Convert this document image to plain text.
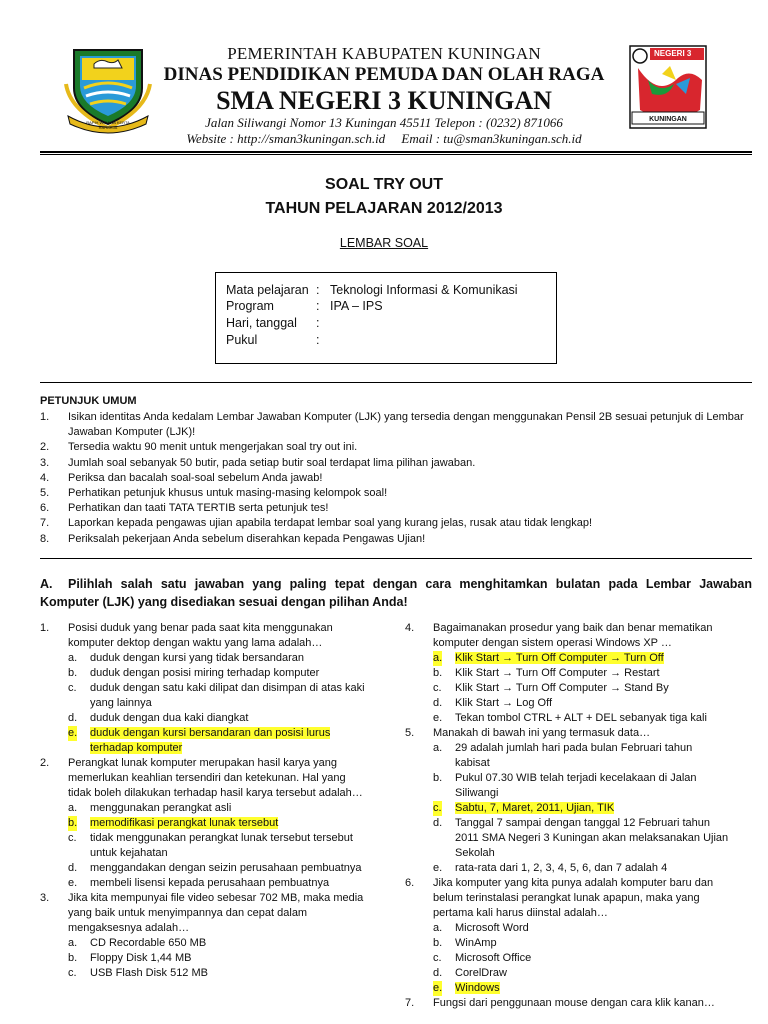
RAPIH WIBAWA KERTA RAHARJA
NEGERI 3
KUNINGAN
PEMERINTAH KABUPATEN KUNINGAN
DINAS PENDIDIKAN PEMUDA DAN OLAH RAGA
SMA NEGERI 3 KUNINGAN
Jalan Siliwangi Nomor 13 Kuningan 45511 Telepon : (0232) 871066
Website : http://sman3kuningan.sch.id     Email : tu@sman3kuningan.sch.id
SOAL TRY OUT
TAHUN PELAJARAN 2012/2013
LEMBAR SOAL
Mata pelajaran : Teknologi Informasi & Komunikasi
Program	: IPA – IPS
Hari, tanggal :
Pukul	:
PETUNJUK UMUM
1. Isikan identitas Anda kedalam Lembar Jawaban Komputer (LJK) yang tersedia dengan menggunakan Pensil 2B sesuai petunjuk di Lembar Jawaban Komputer (LJK)!
2. Tersedia waktu 90 menit untuk mengerjakan soal try out ini.
3. Jumlah soal sebanyak 50 butir, pada setiap butir soal terdapat lima pilihan jawaban.
4. Periksa dan bacalah soal-soal sebelum Anda jawab!
5. Perhatikan petunjuk khusus untuk masing-masing kelompok soal!
6. Perhatikan dan taati TATA TERTIB serta petunjuk tes!
7. Laporkan kepada pengawas ujian apabila terdapat lembar soal yang kurang jelas, rusak atau tidak lengkap!
8. Periksalah pekerjaan Anda sebelum diserahkan kepada Pengawas Ujian!
A. Pilihlah salah satu jawaban yang paling tepat dengan cara menghitamkan bulatan pada Lembar Jawaban Komputer (LJK) yang disediakan sesuai dengan pilihan Anda!
1. Posisi duduk yang benar pada saat kita menggunakan komputer dektop dengan waktu yang lama adalah…
a. duduk dengan kursi yang tidak bersandaran
b. duduk dengan posisi miring terhadap komputer
c. duduk dengan satu kaki dilipat dan disimpan di atas kaki yang lainnya
d. duduk dengan dua kaki diangkat
e. duduk dengan kursi bersandaran dan posisi lurus terhadap komputer
2. Perangkat lunak komputer merupakan hasil karya yang memerlukan keahlian tersendiri dan ketekunan. Hal yang tidak boleh dilakukan terhadap hasil karya tersebut adalah…
a. menggunakan perangkat asli
b. memodifikasi perangkat lunak tersebut
c. tidak menggunakan perangkat lunak tersebut tersebut untuk kejahatan
d. menggandakan dengan seizin perusahaan pembuatnya
e. membeli lisensi kepada perusahaan pembuatnya
3. Jika kita mempunyai file video sebesar 702 MB, maka media yang baik untuk menyimpannya dan cepat dalam mengaksesnya adalah…
a. CD Recordable 650 MB
b. Floppy Disk 1,44 MB
c. USB Flash Disk 512 MB
4. Bagaimanakan prosedur yang baik dan benar mematikan komputer dengan sistem operasi Windows XP …
a. Klik Start → Turn Off Computer → Turn Off
b. Klik Start → Turn Off Computer → Restart
c. Klik Start → Turn Off Computer → Stand By
d. Klik Start → Log Off
e. Tekan tombol CTRL + ALT + DEL sebanyak tiga kali
5. Manakah di bawah ini yang termasuk data…
a. 29 adalah jumlah hari pada bulan Februari tahun kabisat
b. Pukul 07.30 WIB telah terjadi kecelakaan di Jalan Siliwangi
c. Sabtu, 7, Maret, 2011, Ujian, TIK
d. Tanggal 7 sampai dengan tanggal 12 Februari tahun 2011 SMA Negeri 3 Kuningan akan melaksanakan Ujian Sekolah
e. rata-rata dari 1, 2, 3, 4, 5, 6, dan 7 adalah 4
6. Jika komputer yang kita punya adalah komputer baru dan belum terinstalasi perangkat lunak apapun, maka yang pertama kali harus diinstal adalah…
a. Microsoft Word
b. WinAmp
c. Microsoft Office
d. CorelDraw
e. Windows
7. Fungsi dari penggunaan mouse dengan cara klik kanan…
